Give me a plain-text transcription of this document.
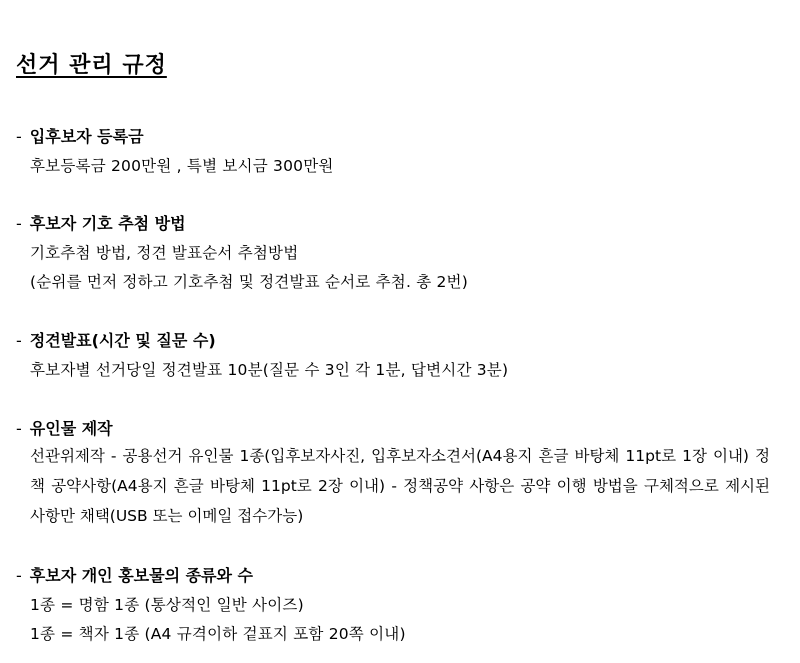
선거 관리 규정
- 입후보자 등록금
후보등록금 200만원 , 특별 보시금 300만원
- 후보자 기호 추첨 방법
기호추첨 방법, 정견 발표순서 추첨방법
(순위를 먼저 정하고 기호추첨 및 정견발표 순서로 추첨. 총 2번)
- 정견발표(시간 및 질문 수)
후보자별 선거당일 정견발표 10분(질문 수 3인 각 1분, 답변시간 3분)
- 유인물 제작

선관위제작 - 공용선거 유인물 1종(입후보자사진, 입후보자소견서(A4용지 흔글 바탕체 11pt로 1장 이내) 정책 공약사항(A4용지 흔글 바탕체 11pt로 2장 이내) - 정책공약 사항은 공약 이행 방법을 구체적으로 제시된 사항만 채택(USB 또는 이메일 접수가능)

- 후보자 개인 홍보물의 종류와 수
1종 = 명함 1종 (통상적인 일반 사이즈)
1종 = 책자 1종 (A4 규격이하 겉표지 포함 20쪽 이내)
